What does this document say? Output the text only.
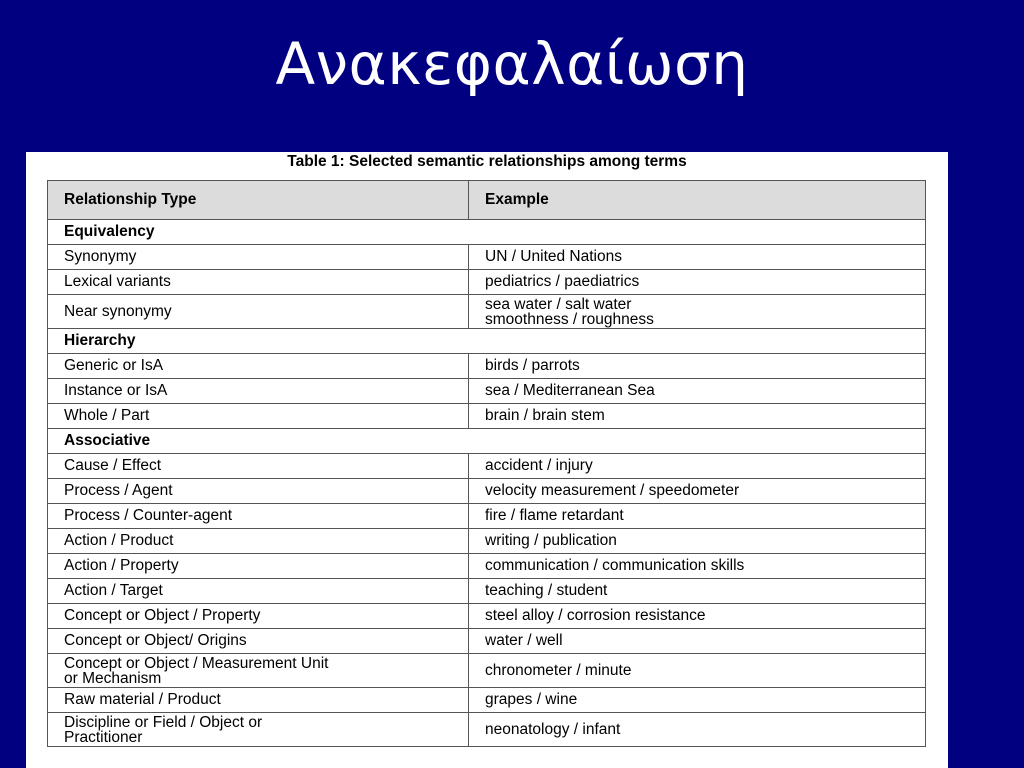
Ανακεφαλαίωση
Table 1: Selected semantic relationships among terms
Relationship Type	Example
Equivalency	
Synonymy	UN / United Nations
Lexical variants	pediatrics / paediatrics
Near synonymy	sea water / salt water
smoothness / roughness
Hierarchy	
Generic or IsA	birds / parrots
Instance or IsA	sea / Mediterranean Sea
Whole / Part	brain / brain stem
Associative	
Cause / Effect	accident / injury
Process / Agent	velocity measurement / speedometer
Process / Counter-agent	fire / flame retardant
Action / Product	writing / publication
Action / Property	communication / communication skills
Action / Target	teaching / student
Concept or Object / Property	steel alloy / corrosion resistance
Concept or Object/ Origins	water / well
Concept or Object / Measurement Unit
or Mechanism	chronometer / minute
Raw material / Product	grapes / wine
Discipline or Field / Object or
Practitioner	neonatology / infant
